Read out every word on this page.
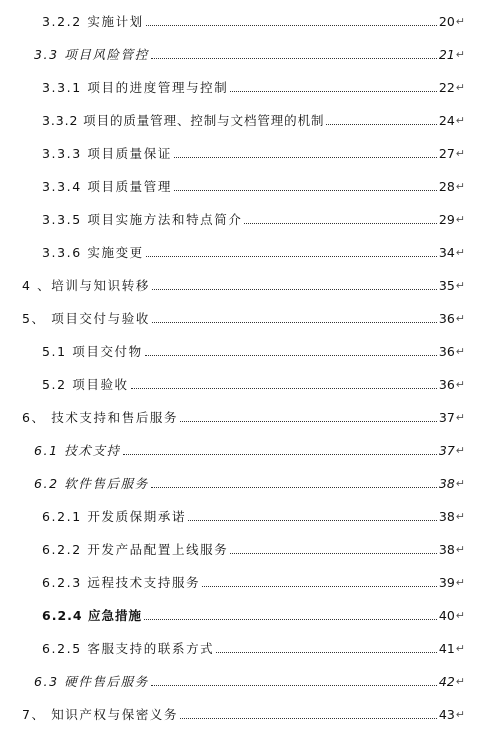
3.2.2 实施计划	20 ↵
3.3 项目风险管控	21 ↵
3.3.1 项目的进度管理与控制	22 ↵
3.3.2 项目的质量管理、控制与文档管理的机制	24 ↵
3.3.3 项目质量保证	27 ↵
3.3.4 项目质量管理	28 ↵
3.3.5 项目实施方法和特点简介	29 ↵
3.3.6 实施变更	34 ↵
4 、培训与知识转移	35 ↵
5、 项目交付与验收	36 ↵
5.1 项目交付物	36 ↵
5.2 项目验收	36 ↵
6、 技术支持和售后服务	37 ↵
6.1 技术支持	37 ↵
6.2 软件售后服务	38 ↵
6.2.1 开发质保期承诺	38 ↵
6.2.2 开发产品配置上线服务	38 ↵
6.2.3 远程技术支持服务	39 ↵
6.2.4 应急措施	40 ↵
6.2.5 客服支持的联系方式	41 ↵
6.3 硬件售后服务	42 ↵
7、 知识产权与保密义务	43 ↵
